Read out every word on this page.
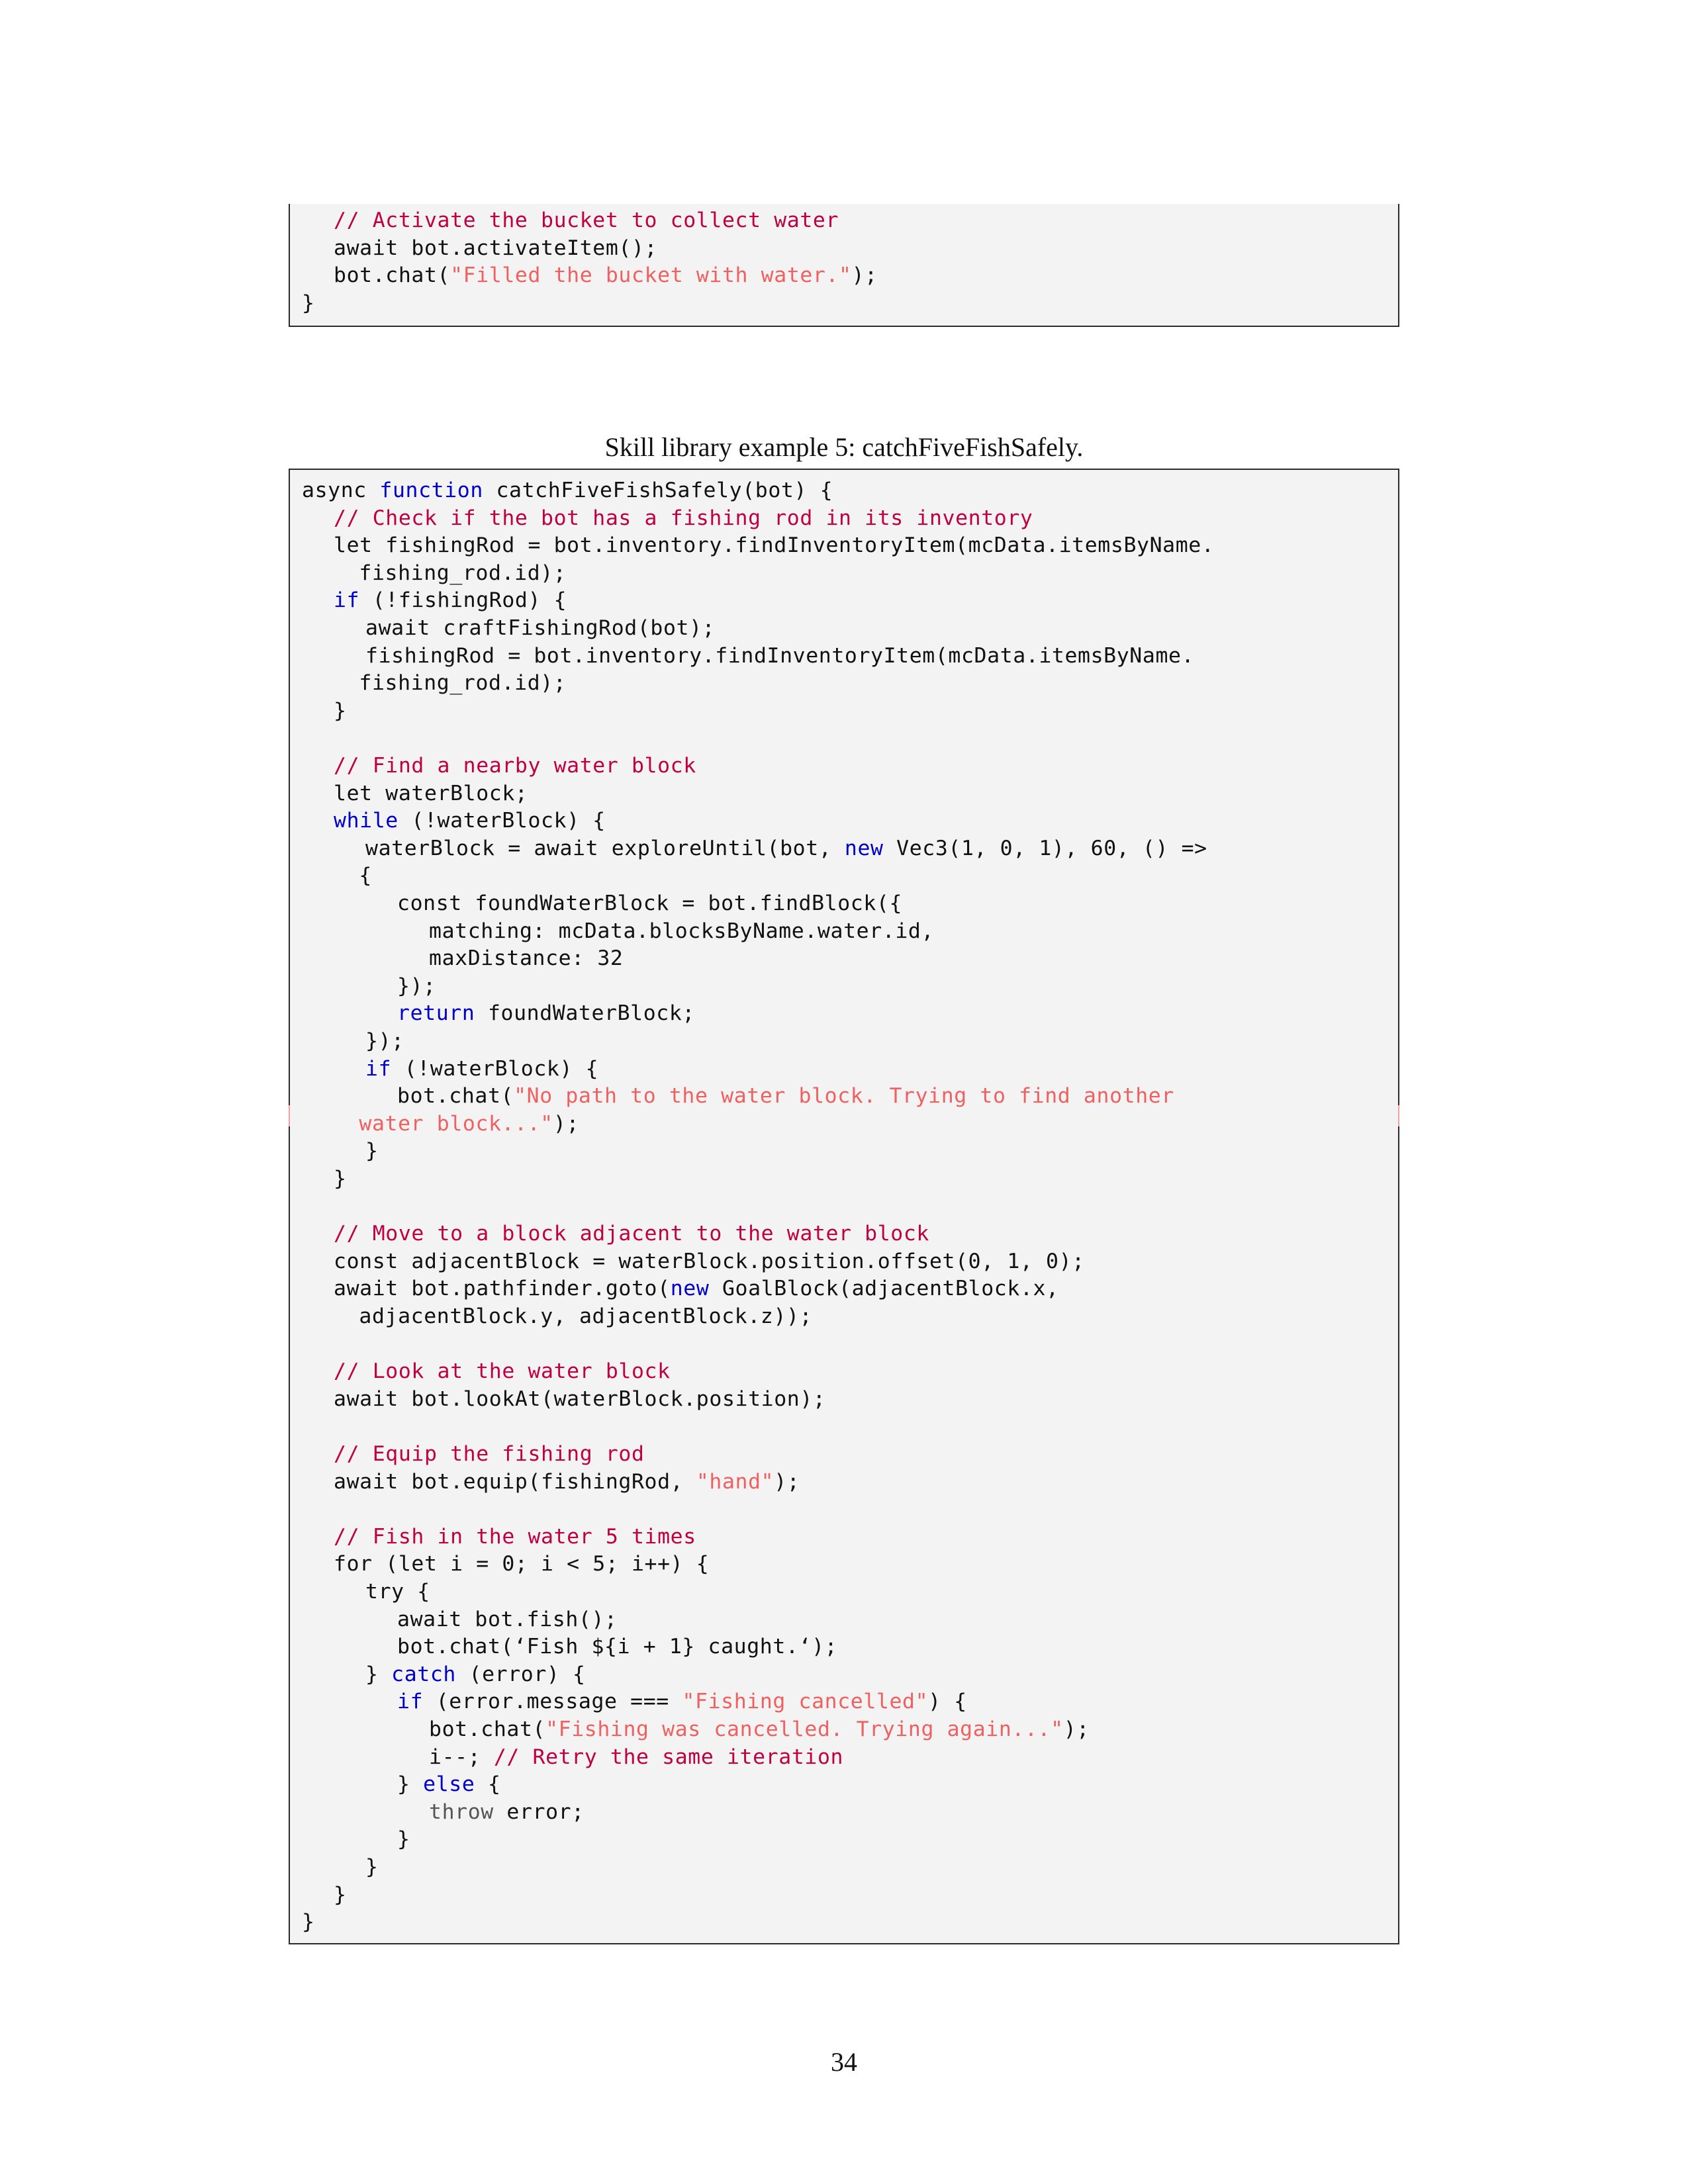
// Activate the bucket to collect water
await bot.activateItem();
bot.chat("Filled the bucket with water.");
}
Skill library example 5: catchFiveFishSafely.
async function catchFiveFishSafely(bot) {
// Check if the bot has a fishing rod in its inventory
let fishingRod = bot.inventory.findInventoryItem(mcData.itemsByName.
fishing_rod.id);
if (!fishingRod) {
await craftFishingRod(bot);
fishingRod = bot.inventory.findInventoryItem(mcData.itemsByName.
fishing_rod.id);
}
// Find a nearby water block
let waterBlock;
while (!waterBlock) {
waterBlock = await exploreUntil(bot, new Vec3(1, 0, 1), 60, () =>
{
const foundWaterBlock = bot.findBlock({
matching: mcData.blocksByName.water.id,
maxDistance: 32
});
return foundWaterBlock;
});
if (!waterBlock) {
bot.chat("No path to the water block. Trying to find another
water block...");
}
}
// Move to a block adjacent to the water block
const adjacentBlock = waterBlock.position.offset(0, 1, 0);
await bot.pathfinder.goto(new GoalBlock(adjacentBlock.x,
adjacentBlock.y, adjacentBlock.z));
// Look at the water block
await bot.lookAt(waterBlock.position);
// Equip the fishing rod
await bot.equip(fishingRod, "hand");
// Fish in the water 5 times
for (let i = 0; i < 5; i++) {
try {
await bot.fish();
bot.chat(‘Fish ${i + 1} caught.‘);
} catch (error) {
if (error.message === "Fishing cancelled") {
bot.chat("Fishing was cancelled. Trying again...");
i--; // Retry the same iteration
} else {
throw error;
}
}
}
}
34
